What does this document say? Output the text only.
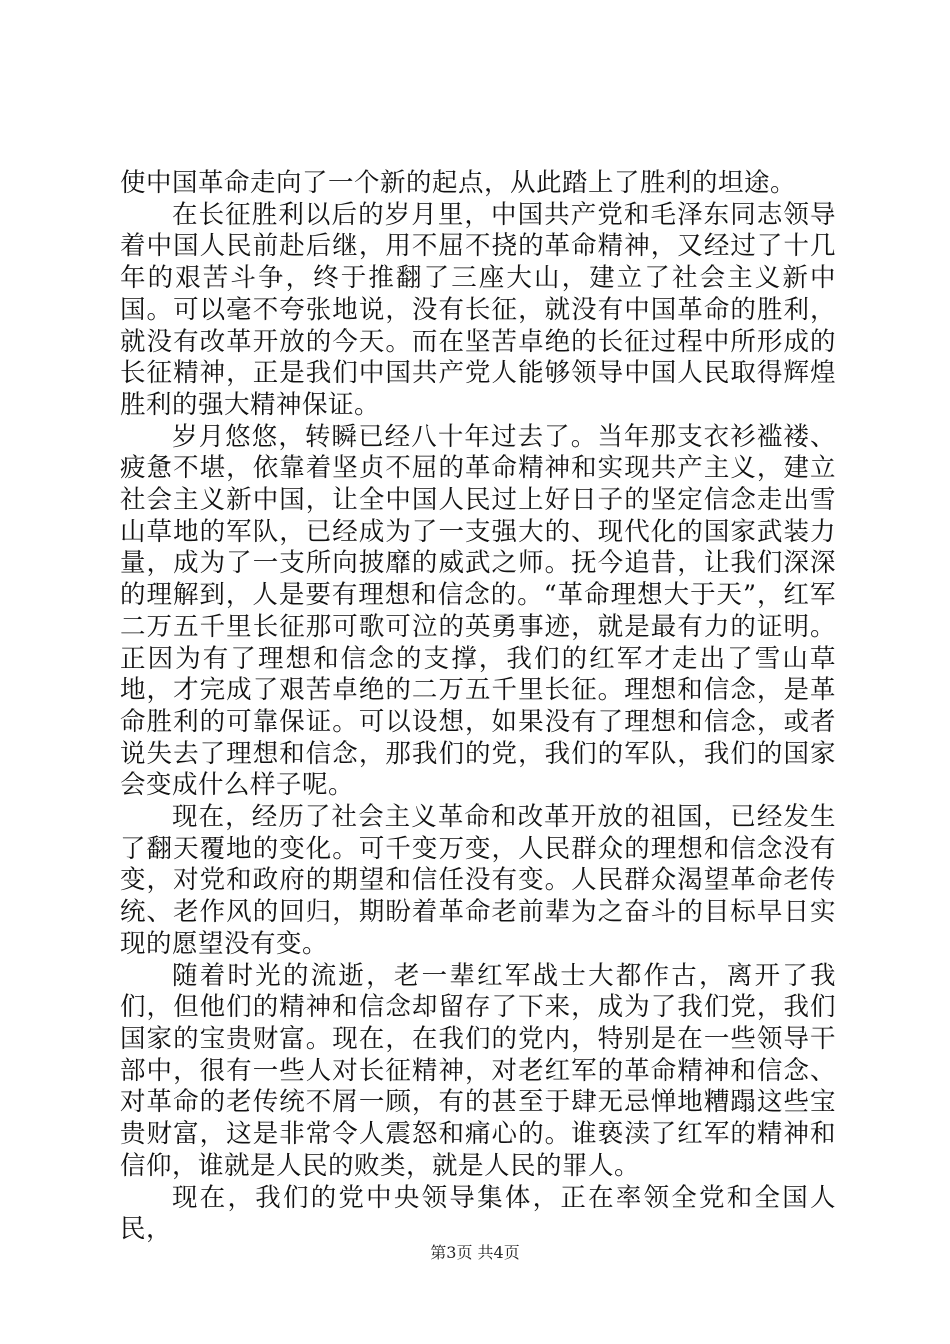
使中国革命走向了一个新的起点，从此踏上了胜利的坦途。

在长征胜利以后的岁月里，中国共产党和毛泽东同志领导着中国人民前赴后继，用不屈不挠的革命精神，又经过了十几年的艰苦斗争，终于推翻了三座大山，建立了社会主义新中国。可以毫不夸张地说，没有长征，就没有中国革命的胜利，就没有改革开放的今天。而在坚苦卓绝的长征过程中所形成的长征精神，正是我们中国共产党人能够领导中国人民取得辉煌胜利的强大精神保证。

岁月悠悠，转瞬已经八十年过去了。当年那支衣衫褴褛、疲惫不堪，依靠着坚贞不屈的革命精神和实现共产主义，建立社会主义新中国，让全中国人民过上好日子的坚定信念走出雪山草地的军队，已经成为了一支强大的、现代化的国家武装力量，成为了一支所向披靡的威武之师。抚今追昔，让我们深深的理解到，人是要有理想和信念的。“革命理想大于天”，红军二万五千里长征那可歌可泣的英勇事迹，就是最有力的证明。正因为有了理想和信念的支撑，我们的红军才走出了雪山草地，才完成了艰苦卓绝的二万五千里长征。理想和信念，是革命胜利的可靠保证。可以设想，如果没有了理想和信念，或者说失去了理想和信念，那我们的党，我们的军队，我们的国家会变成什么样子呢。

现在，经历了社会主义革命和改革开放的祖国，已经发生了翻天覆地的变化。可千变万变，人民群众的理想和信念没有变，对党和政府的期望和信任没有变。人民群众渴望革命老传统、老作风的回归，期盼着革命老前辈为之奋斗的目标早日实现的愿望没有变。

随着时光的流逝，老一辈红军战士大都作古，离开了我们，但他们的精神和信念却留存了下来，成为了我们党，我们国家的宝贵财富。现在，在我们的党内，特别是在一些领导干部中，很有一些人对长征精神，对老红军的革命精神和信念、对革命的老传统不屑一顾，有的甚至于肆无忌惮地糟蹋这些宝贵财富，这是非常令人震怒和痛心的。谁亵渎了红军的精神和信仰，谁就是人民的败类，就是人民的罪人。

现在，我们的党中央领导集体，正在率领全党和全国人民，

第3页 共4页
